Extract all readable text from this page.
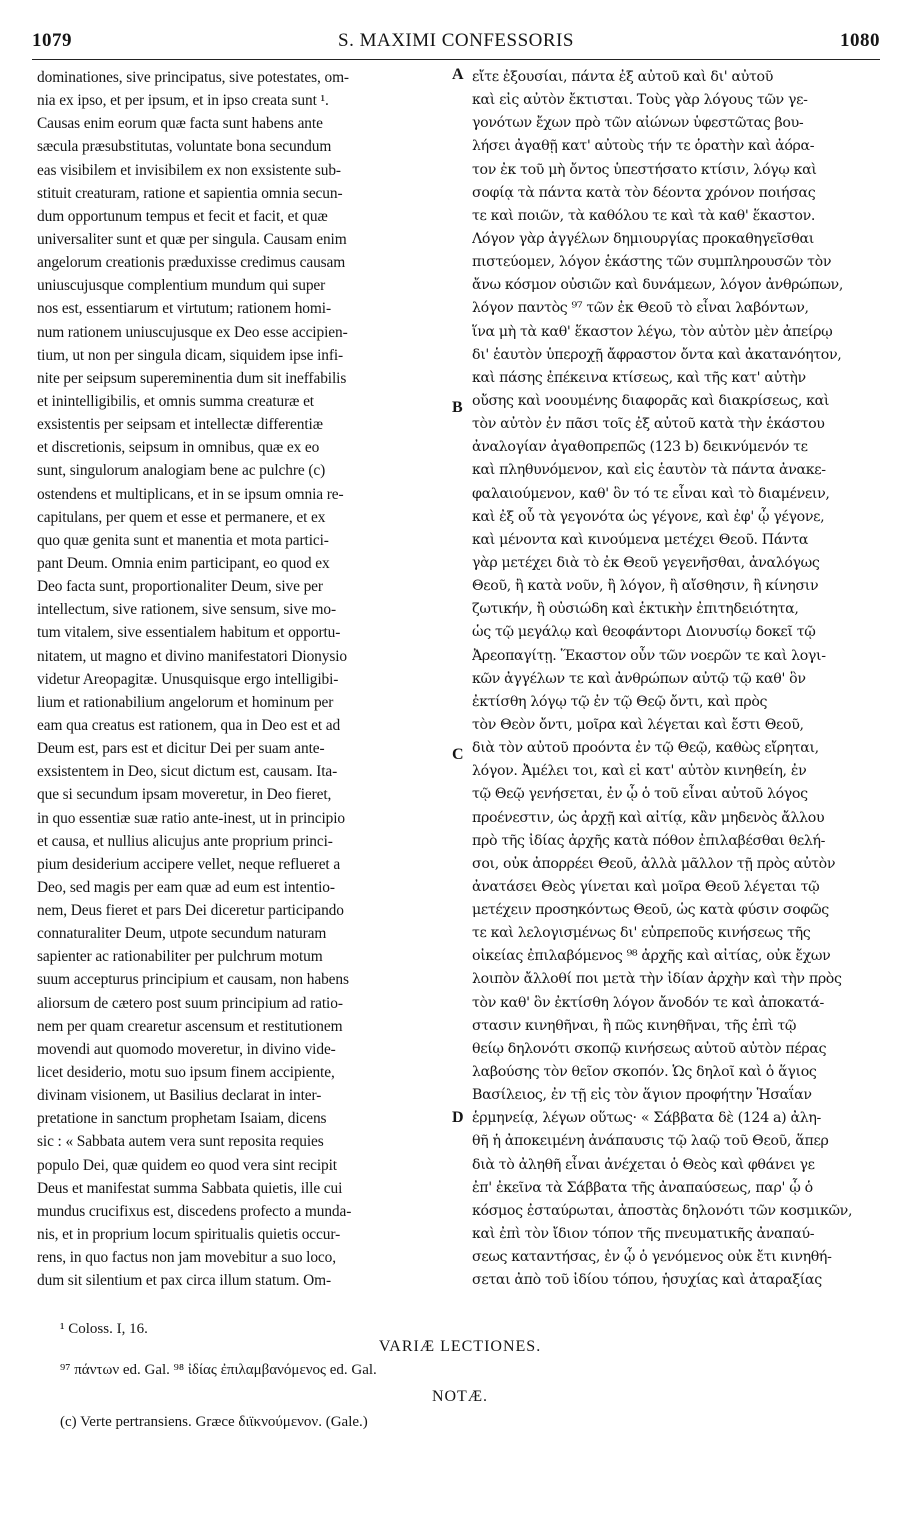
1079	S. MAXIMI CONFESSORIS	1080
dominationes, sive principatus, sive potestates, om-
nia ex ipso, et per ipsum, et in ipso creata sunt ¹.
Causas enim eorum quæ facta sunt habens ante
sæcula præsubstitutas, voluntate bona secundum
eas visibilem et invisibilem ex non exsistente sub-
stituit creaturam, ratione et sapientia omnia secun-
dum opportunum tempus et fecit et facit, et quæ
universaliter sunt et quæ per singula. Causam enim
angelorum creationis præduxisse credimus causam
uniuscujusque complentium mundum qui super
nos est, essentiarum et virtutum; rationem homi-
num rationem uniuscujusque ex Deo esse accipien-
tium, ut non per singula dicam, siquidem ipse infi-
nite per seipsum supereminentia dum sit ineffabilis
et inintelligibilis, et omnis summa creaturæ et
exsistentis per seipsam et intellectæ differentiæ
et discretionis, seipsum in omnibus, quæ ex eo
sunt, singulorum analogiam bene ac pulchre (c)
ostendens et multiplicans, et in se ipsum omnia re-
capitulans, per quem et esse et permanere, et ex
quo quæ genita sunt et manentia et mota partici-
pant Deum. Omnia enim participant, eo quod ex
Deo facta sunt, proportionaliter Deum, sive per
intellectum, sive rationem, sive sensum, sive mo-
tum vitalem, sive essentialem habitum et opportu-
nitatem, ut magno et divino manifestatori Dionysio
videtur Areopagitæ. Unusquisque ergo intelligibi-
lium et rationabilium angelorum et hominum per
eam qua creatus est rationem, qua in Deo est et ad
Deum est, pars est et dicitur Dei per suam ante-
exsistentem in Deo, sicut dictum est, causam. Ita-
que si secundum ipsam moveretur, in Deo fieret,
in quo essentiæ suæ ratio ante-inest, ut in principio
et causa, et nullius alicujus ante proprium princi-
pium desiderium accipere vellet, neque reflueret a
Deo, sed magis per eam quæ ad eum est intentio-
nem, Deus fieret et pars Dei diceretur participando
connaturaliter Deum, utpote secundum naturam
sapienter ac rationabiliter per pulchrum motum
suum accepturus principium et causam, non habens
aliorsum de cætero post suum principium ad ratio-
nem per quam crearetur ascensum et restitutionem
movendi aut quomodo moveretur, in divino vide-
licet desiderio, motu suo ipsum finem accipiente,
divinam visionem, ut Basilius declarat in inter-
pretatione in sanctum prophetam Isaiam, dicens
sic : « Sabbata autem vera sunt reposita requies
populo Dei, quæ quidem eo quod vera sint recipit
Deus et manifestat summa Sabbata quietis, ille cui
mundus crucifixus est, discedens profecto a munda-
nis, et in proprium locum spiritualis quietis occur-
rens, in quo factus non jam movebitur a suo loco,
dum sit silentium et pax circa illum statum. Om-
A
B
C
D
εἴτε ἐξουσίαι, πάντα ἐξ αὐτοῦ καὶ δι' αὐτοῦ
καὶ εἰς αὐτὸν ἔκτισται. Τοὺς γὰρ λόγους τῶν γε-
γονότων ἔχων πρὸ τῶν αἰώνων ὑφεστῶτας βου-
λήσει ἀγαθῇ κατ' αὐτοὺς τήν τε ὁρατὴν καὶ ἀόρα-
τον ἐκ τοῦ μὴ ὄντος ὑπεστήσατο κτίσιν, λόγῳ καὶ
σοφίᾳ τὰ πάντα κατὰ τὸν δέοντα χρόνον ποιήσας
τε καὶ ποιῶν, τὰ καθόλου τε καὶ τὰ καθ' ἕκαστον.
Λόγον γὰρ ἀγγέλων δημιουργίας προκαθηγεῖσθαι
πιστεύομεν, λόγον ἑκάστης τῶν συμπληρουσῶν τὸν
ἄνω κόσμον οὐσιῶν καὶ δυνάμεων, λόγον ἀνθρώπων,
λόγον παντὸς ⁹⁷ τῶν ἐκ Θεοῦ τὸ εἶναι λαβόντων,
ἵνα μὴ τὰ καθ' ἕκαστον λέγω, τὸν αὐτὸν μὲν ἀπείρῳ
δι' ἑαυτὸν ὑπεροχῇ ἄφραστον ὄντα καὶ ἀκατανόητον,
καὶ πάσης ἐπέκεινα κτίσεως, καὶ τῆς κατ' αὐτὴν
οὔσης καὶ νοουμένης διαφορᾶς καὶ διακρίσεως, καὶ
τὸν αὐτὸν ἐν πᾶσι τοῖς ἐξ αὐτοῦ κατὰ τὴν ἑκάστου
ἀναλογίαν ἀγαθοπρεπῶς (123 b) δεικνύμενόν τε
καὶ πληθυνόμενον, καὶ εἰς ἑαυτὸν τὰ πάντα ἀνακε-
φαλαιούμενον, καθ' ὃν τό τε εἶναι καὶ τὸ διαμένειν,
καὶ ἐξ οὗ τὰ γεγονότα ὡς γέγονε, καὶ ἐφ' ᾧ γέγονε,
καὶ μένοντα καὶ κινούμενα μετέχει Θεοῦ. Πάντα
γὰρ μετέχει διὰ τὸ ἐκ Θεοῦ γεγενῆσθαι, ἀναλόγως
Θεοῦ, ἢ κατὰ νοῦν, ἢ λόγον, ἢ αἴσθησιν, ἢ κίνησιν
ζωτικήν, ἢ οὐσιώδη καὶ ἑκτικὴν ἐπιτηδειότητα,
ὡς τῷ μεγάλῳ καὶ θεοφάντορι Διονυσίῳ δοκεῖ τῷ
Ἀρεοπαγίτῃ. Ἕκαστον οὖν τῶν νοερῶν τε καὶ λογι-
κῶν ἀγγέλων τε καὶ ἀνθρώπων αὐτῷ τῷ καθ' ὃν
ἐκτίσθη λόγῳ τῷ ἐν τῷ Θεῷ ὄντι, καὶ πρὸς
τὸν Θεὸν ὄντι, μοῖρα καὶ λέγεται καὶ ἔστι Θεοῦ,
διὰ τὸν αὐτοῦ προόντα ἐν τῷ Θεῷ, καθὼς εἴρηται,
λόγον. Ἀμέλει τοι, καὶ εἰ κατ' αὐτὸν κινηθείη, ἐν
τῷ Θεῷ γενήσεται, ἐν ᾧ ὁ τοῦ εἶναι αὐτοῦ λόγος
προένεστιν, ὡς ἀρχῇ καὶ αἰτίᾳ, κἂν μηδενὸς ἄλλου
πρὸ τῆς ἰδίας ἀρχῆς κατὰ πόθον ἐπιλαβέσθαι θελή-
σοι, οὐκ ἀπορρέει Θεοῦ, ἀλλὰ μᾶλλον τῇ πρὸς αὐτὸν
ἀνατάσει Θεὸς γίνεται καὶ μοῖρα Θεοῦ λέγεται τῷ
μετέχειν προσηκόντως Θεοῦ, ὡς κατὰ φύσιν σοφῶς
τε καὶ λελογισμένως δι' εὐπρεποῦς κινήσεως τῆς
οἰκείας ἐπιλαβόμενος ⁹⁸ ἀρχῆς καὶ αἰτίας, οὐκ ἔχων
λοιπὸν ἄλλοθί ποι μετὰ τὴν ἰδίαν ἀρχὴν καὶ τὴν πρὸς
τὸν καθ' ὃν ἐκτίσθη λόγον ἄνοδόν τε καὶ ἀποκατά-
στασιν κινηθῆναι, ἢ πῶς κινηθῆναι, τῆς ἐπὶ τῷ
θείῳ δηλονότι σκοπῷ κινήσεως αὐτοῦ αὐτὸν πέρας
λαβούσης τὸν θεῖον σκοπόν. Ὡς δηλοῖ καὶ ὁ ἅγιος
Βασίλειος, ἐν τῇ εἰς τὸν ἅγιον προφήτην Ἡσαΐαν
ἑρμηνείᾳ, λέγων οὕτως· « Σάββατα δὲ (124 a) ἀλη-
θῆ ἡ ἀποκειμένη ἀνάπαυσις τῷ λαῷ τοῦ Θεοῦ, ἅπερ
διὰ τὸ ἀληθῆ εἶναι ἀνέχεται ὁ Θεὸς καὶ φθάνει γε
ἐπ' ἐκεῖνα τὰ Σάββατα τῆς ἀναπαύσεως, παρ' ᾧ ὁ
κόσμος ἐσταύρωται, ἀποστὰς δηλονότι τῶν κοσμικῶν,
καὶ ἐπὶ τὸν ἴδιον τόπον τῆς πνευματικῆς ἀναπαύ-
σεως καταντήσας, ἐν ᾧ ὁ γενόμενος οὐκ ἔτι κινηθή-
σεται ἀπὸ τοῦ ἰδίου τόπου, ἡσυχίας καὶ ἀταραξίας
¹ Coloss. I, 16.
VARIÆ LECTIONES.
⁹⁷ πάντων ed. Gal. ⁹⁸ ἰδίας ἐπιλαμβανόμενος ed. Gal.
NOTÆ.
(c) Verte pertransiens. Græce διϊκνούμενον. (Gale.)
